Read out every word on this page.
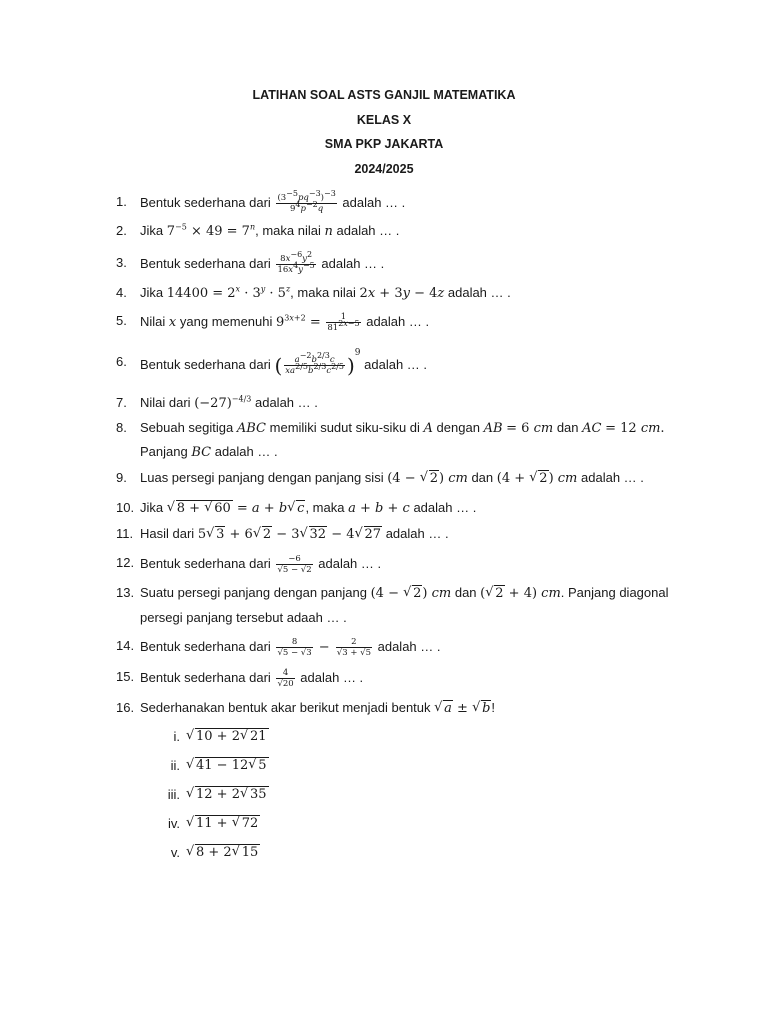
LATIHAN SOAL ASTS GANJIL MATEMATIKA
KELAS X
SMA PKP JAKARTA
2024/2025
1. Bentuk sederhana dari $\frac{(3^{-5}pq^{-3})^{-3}}{9^4p^{-2}q}$ adalah … .
2. Jika $7^{-5} \times 49 = 7^n$, maka nilai n adalah … .
3. Bentuk sederhana dari $\frac{8x^{-6}y^2}{16x^4y^{-5}}$ adalah … .
4. Jika $14400 = 2^x \cdot 3^y \cdot 5^z$, maka nilai 2x + 3y − 4z adalah … .
5. Nilai x yang memenuhi $9^{3x+2} = \frac{1}{81^{2x-5}}$ adalah … .
6. Bentuk sederhana dari ( $\frac{a^{-2}b^{2/3}c}{xa^{2/5}b^{2/3}c^{2/5}} )^9$ adalah … .
7. Nilai dari $(-27)^{-4/3}$ adalah … .
8. Sebuah segitiga ABC memiliki sudut siku-siku di A dengan AB = 6 cm dan AC = 12 cm.
Panjang BC adalah … .
9. Luas persegi panjang dengan panjang sisi (4 − √ 2) cm dan (4 + √ 2) cm adalah … .
10. Jika √ 8 + √ 60 = a + b √ c, maka a + b + c adalah … .
11. Hasil dari 5 √ 3 + 6 √ 2 − 3 √ 32 − 4 √ 27 adalah … .
12. Bentuk sederhana dari $\frac{-6}{√5 - √2}$ adalah … .
13. Suatu persegi panjang dengan panjang (4 − √ 2) cm dan ( √ 2 + 4) cm. Panjang diagonal
persegi panjang tersebut adaah … .
14. Bentuk sederhana dari $\frac{8}{√5 - √3} - \frac{2}{√3 + √5}$ adalah … .
15. Bentuk sederhana dari $\frac{4}{√20}$ adalah … .
16. Sederhanakan bentuk akar berikut menjadi bentuk √ a ± √ b!
i.	√ 10 + 2 √ 21
ii.	√ 41 − 12 √ 5
iii.	√ 12 + 2 √ 35
iv.	√ 11 + √ 72
v.	√ 8 + 2 √ 15
